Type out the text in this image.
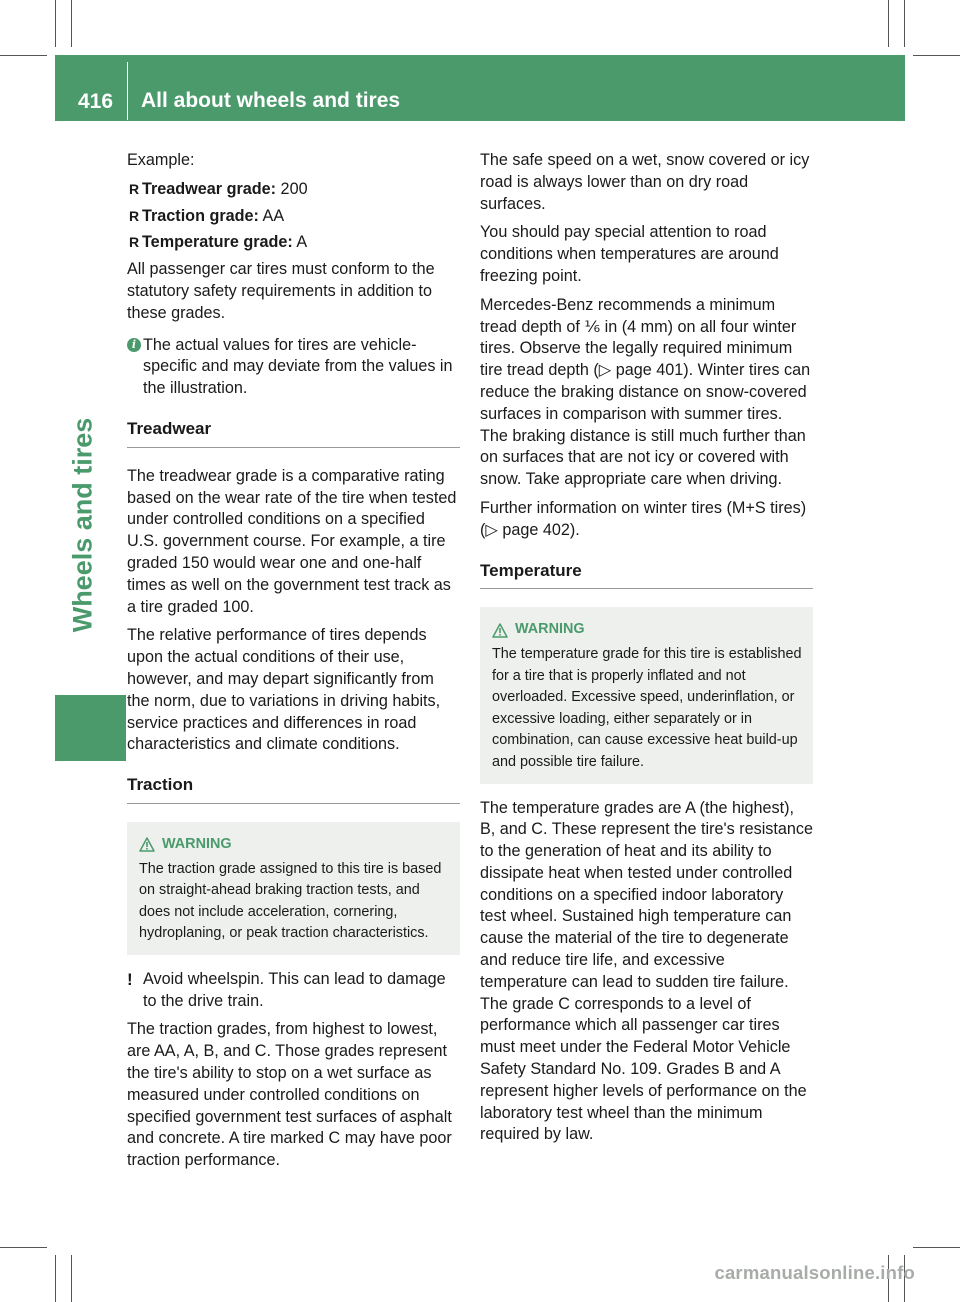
416 All about wheels and tires
Wheels and tires

Example:

R Treadwear grade: 200
R Traction grade: AA
R Temperature grade: A

All passenger car tires must conform to the statutory safety requirements in addition to these grades.

i The actual values for tires are vehicle-specific and may deviate from the values in the illustration.
Treadwear

The treadwear grade is a comparative rating based on the wear rate of the tire when tested under controlled conditions on a specified U.S. government course. For example, a tire graded 150 would wear one and one-half times as well on the government test track as a tire graded 100.

The relative performance of tires depends upon the actual conditions of their use, however, and may depart significantly from the norm, due to variations in driving habits, service practices and differences in road characteristics and climate conditions.

Traction
WARNING
The traction grade assigned to this tire is based on straight-ahead braking traction tests, and does not include acceleration, cornering, hydroplaning, or peak traction characteristics.
! Avoid wheelspin. This can lead to damage to the drive train.

The traction grades, from highest to lowest, are AA, A, B, and C. Those grades represent the tire's ability to stop on a wet surface as measured under controlled conditions on specified government test surfaces of asphalt and concrete. A tire marked C may have poor traction performance.

The safe speed on a wet, snow covered or icy road is always lower than on dry road surfaces.

You should pay special attention to road conditions when temperatures are around freezing point.

Mercedes-Benz recommends a minimum tread depth of ⅙ in (4 mm) on all four winter tires. Observe the legally required minimum tire tread depth (▷ page 401). Winter tires can reduce the braking distance on snow-covered surfaces in comparison with summer tires. The braking distance is still much further than on surfaces that are not icy or covered with snow. Take appropriate care when driving.

Further information on winter tires (M+S tires) (▷ page 402).

Temperature
WARNING
The temperature grade for this tire is established for a tire that is properly inflated and not overloaded. Excessive speed, underinflation, or excessive loading, either separately or in combination, can cause excessive heat build-up and possible tire failure.

The temperature grades are A (the highest), B, and C. These represent the tire's resistance to the generation of heat and its ability to dissipate heat when tested under controlled conditions on a specified indoor laboratory test wheel. Sustained high temperature can cause the material of the tire to degenerate and reduce tire life, and excessive temperature can lead to sudden tire failure. The grade C corresponds to a level of performance which all passenger car tires must meet under the Federal Motor Vehicle Safety Standard No. 109. Grades B and A represent higher levels of performance on the laboratory test wheel than the minimum required by law.

carmanualsonline.info
